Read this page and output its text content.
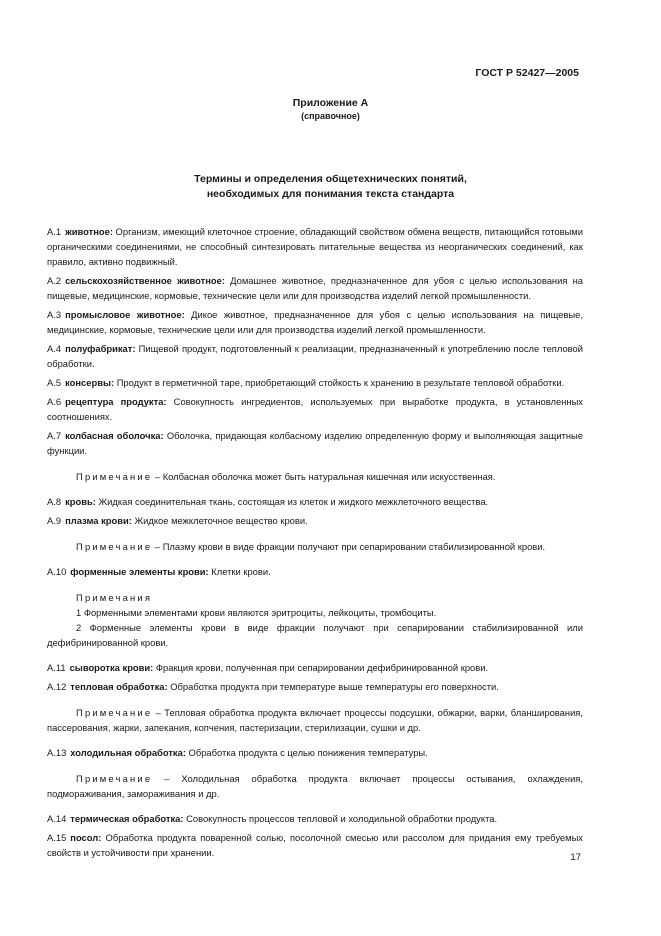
ГОСТ Р 52427—2005
Приложение А
(справочное)
Термины и определения общетехнических понятий,
необходимых для понимания текста стандарта
А.1 животное: Организм, имеющий клеточное строение, обладающий свойством обмена веществ, питающийся готовыми органическими соединениями, не способный синтезировать питательные вещества из неорганических соединений, как правило, активно подвижный.
А.2 сельскохозяйственное животное: Домашнее животное, предназначенное для убоя с целью использования на пищевые, медицинские, кормовые, технические цели или для производства изделий легкой промышленности.
А.3 промысловое животное: Дикое животное, предназначенное для убоя с целью использования на пищевые, медицинские, кормовые, технические цели или для производства изделий легкой промышленности.
А.4 полуфабрикат: Пищевой продукт, подготовленный к реализации, предназначенный к употреблению после тепловой обработки.
А.5 консервы: Продукт в герметичной таре, приобретающий стойкость к хранению в результате тепловой обработки.
А.6 рецептура продукта: Совокупность ингредиентов, используемых при выработке продукта, в установленных соотношениях.
А.7 колбасная оболочка: Оболочка, придающая колбасному изделию определенную форму и выполняющая защитные функции.
Примечание – Колбасная оболочка может быть натуральная кишечная или искусственная.
А.8 кровь: Жидкая соединительная ткань, состоящая из клеток и жидкого межклеточного вещества.
А.9 плазма крови: Жидкое межклеточное вещество крови.
Примечание – Плазму крови в виде фракции получают при сепарировании стабилизированной крови.
А.10 форменные элементы крови: Клетки крови.
Примечания
1 Форменными элементами крови являются эритроциты, лейкоциты, тромбоциты.
2 Форменные элементы крови в виде фракции получают при сепарировании стабилизированной или дефибринированной крови.
А.11 сыворотка крови: Фракция крови, полученная при сепарировании дефибринированной крови.
А.12 тепловая обработка: Обработка продукта при температуре выше температуры его поверхности.
Примечание – Тепловая обработка продукта включает процессы подсушки, обжарки, варки, бланширования, пассерования, жарки, запекания, копчения, пастеризации, стерилизации, сушки и др.
А.13 холодильная обработка: Обработка продукта с целью понижения температуры.
Примечание – Холодильная обработка продукта включает процессы остывания, охлаждения, подмораживания, замораживания и др.
А.14 термическая обработка: Совокупность процессов тепловой и холодильной обработки продукта.
А.15 посол: Обработка продукта поваренной солью, посолочной смесью или рассолом для придания ему требуемых свойств и устойчивости при хранении.	17
